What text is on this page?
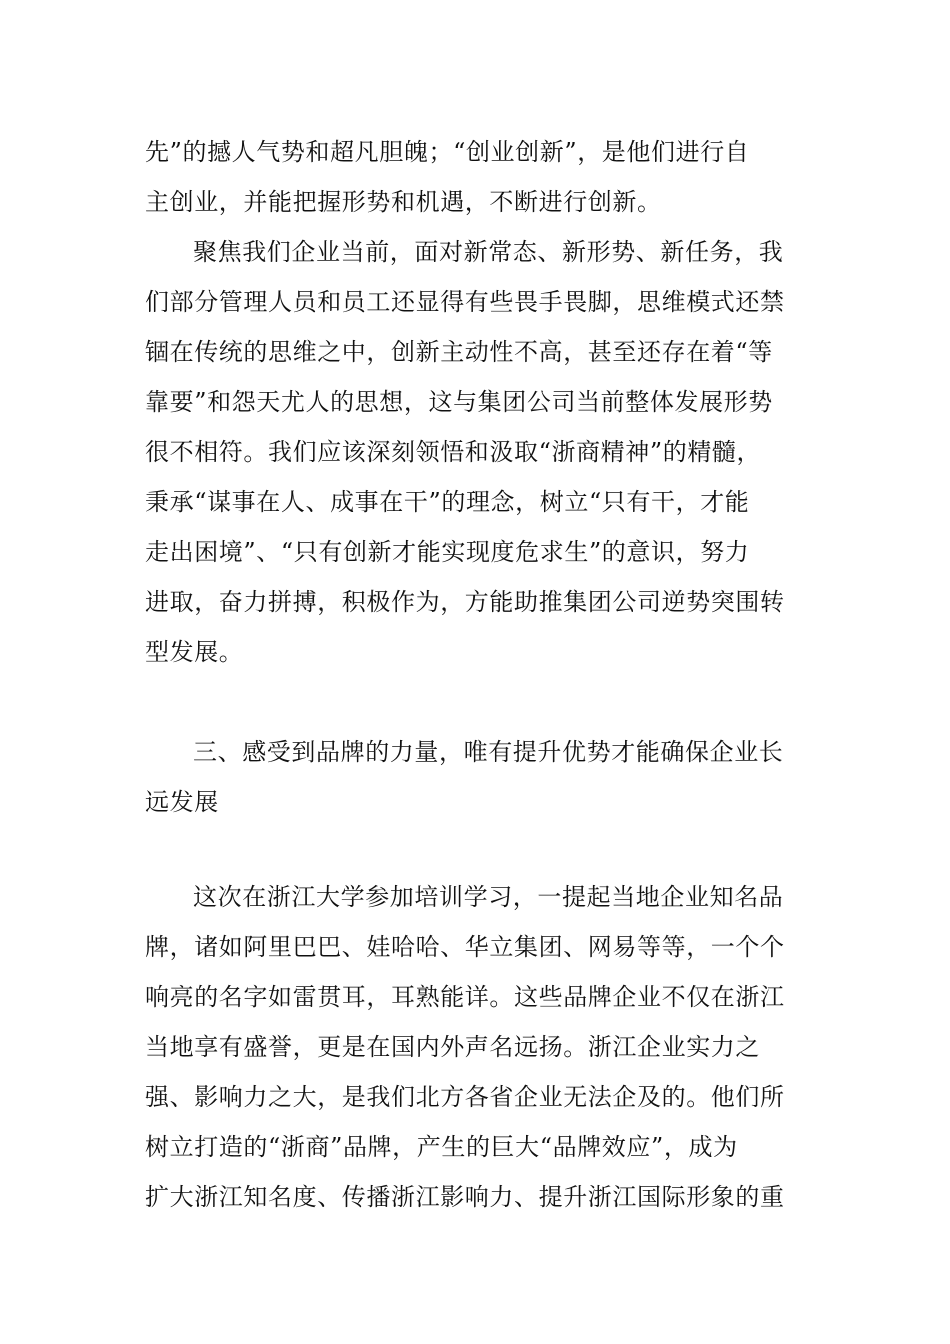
先”的撼人气势和超凡胆魄；“创业创新”，是他们进行自
主创业，并能把握形势和机遇，不断进行创新。
聚焦我们企业当前，面对新常态、新形势、新任务，我
们部分管理人员和员工还显得有些畏手畏脚，思维模式还禁
锢在传统的思维之中，创新主动性不高，甚至还存在着“等
靠要”和怨天尤人的思想，这与集团公司当前整体发展形势
很不相符。我们应该深刻领悟和汲取“浙商精神”的精髓，
秉承“谋事在人、成事在干”的理念，树立“只有干，才能
走出困境”、“只有创新才能实现度危求生”的意识，努力
进取，奋力拼搏，积极作为，方能助推集团公司逆势突围转
型发展。
三、感受到品牌的力量，唯有提升优势才能确保企业长
远发展
这次在浙江大学参加培训学习，一提起当地企业知名品
牌，诸如阿里巴巴、娃哈哈、华立集团、网易等等，一个个
响亮的名字如雷贯耳，耳熟能详。这些品牌企业不仅在浙江
当地享有盛誉，更是在国内外声名远扬。浙江企业实力之
强、影响力之大，是我们北方各省企业无法企及的。他们所
树立打造的“浙商”品牌，产生的巨大“品牌效应”，成为
扩大浙江知名度、传播浙江影响力、提升浙江国际形象的重
